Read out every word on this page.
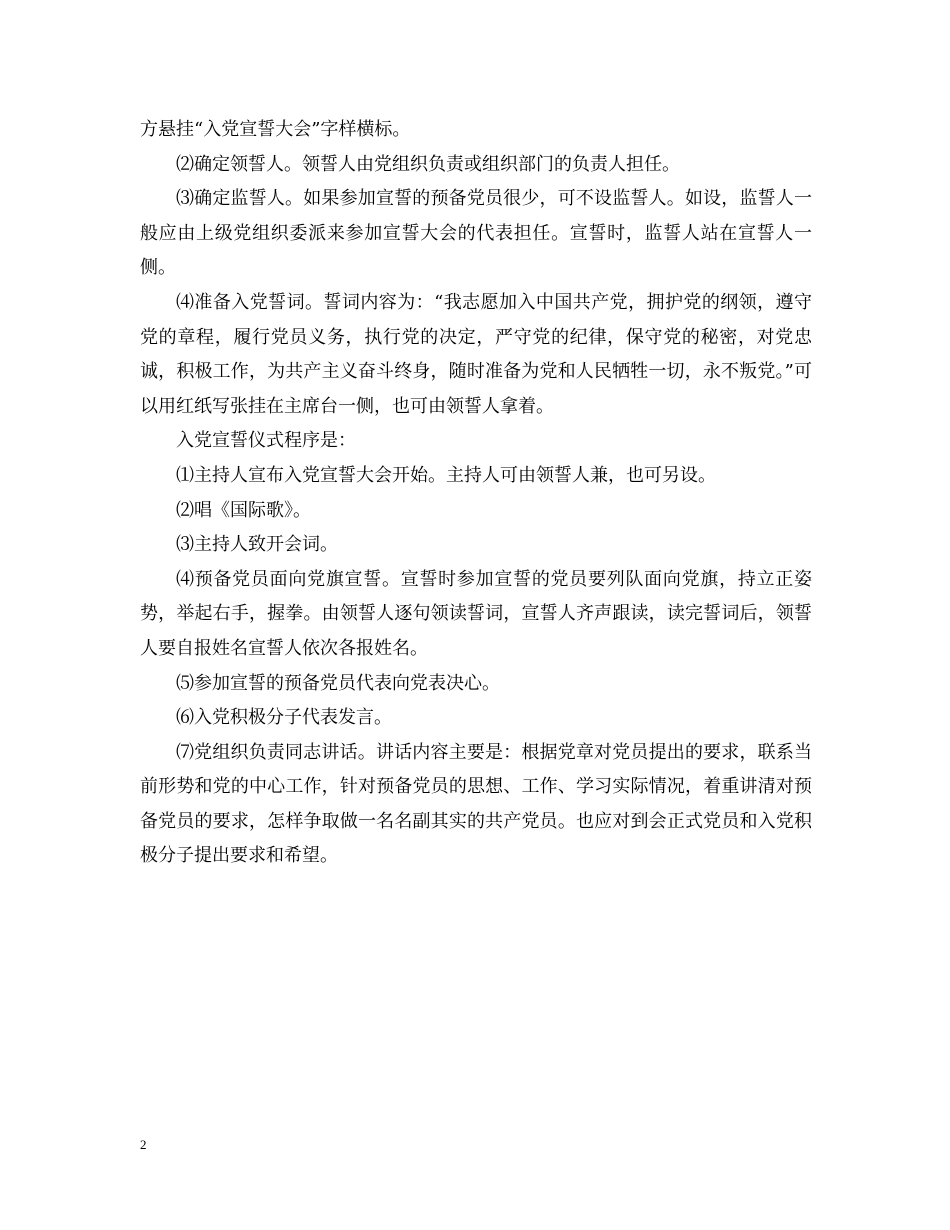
方悬挂“入党宣誓大会”字样横标。

⑵确定领誓人。领誓人由党组织负责或组织部门的负责人担任。

⑶确定监誓人。如果参加宣誓的预备党员很少，可不设监誓人。如设，监誓人一般应由上级党组织委派来参加宣誓大会的代表担任。宣誓时，监誓人站在宣誓人一侧。

⑷准备入党誓词。誓词内容为：“我志愿加入中国共产党，拥护党的纲领，遵守党的章程，履行党员义务，执行党的决定，严守党的纪律，保守党的秘密，对党忠诚，积极工作，为共产主义奋斗终身，随时准备为党和人民牺牲一切，永不叛党。”可以用红纸写张挂在主席台一侧，也可由领誓人拿着。

入党宣誓仪式程序是：

⑴主持人宣布入党宣誓大会开始。主持人可由领誓人兼，也可另设。

⑵唱《国际歌》。

⑶主持人致开会词。

⑷预备党员面向党旗宣誓。宣誓时参加宣誓的党员要列队面向党旗，持立正姿势，举起右手，握拳。由领誓人逐句领读誓词，宣誓人齐声跟读，读完誓词后，领誓人要自报姓名宣誓人依次各报姓名。

⑸参加宣誓的预备党员代表向党表决心。

⑹入党积极分子代表发言。

⑺党组织负责同志讲话。讲话内容主要是：根据党章对党员提出的要求，联系当前形势和党的中心工作，针对预备党员的思想、工作、学习实际情况，着重讲清对预备党员的要求，怎样争取做一名名副其实的共产党员。也应对到会正式党员和入党积极分子提出要求和希望。

2
